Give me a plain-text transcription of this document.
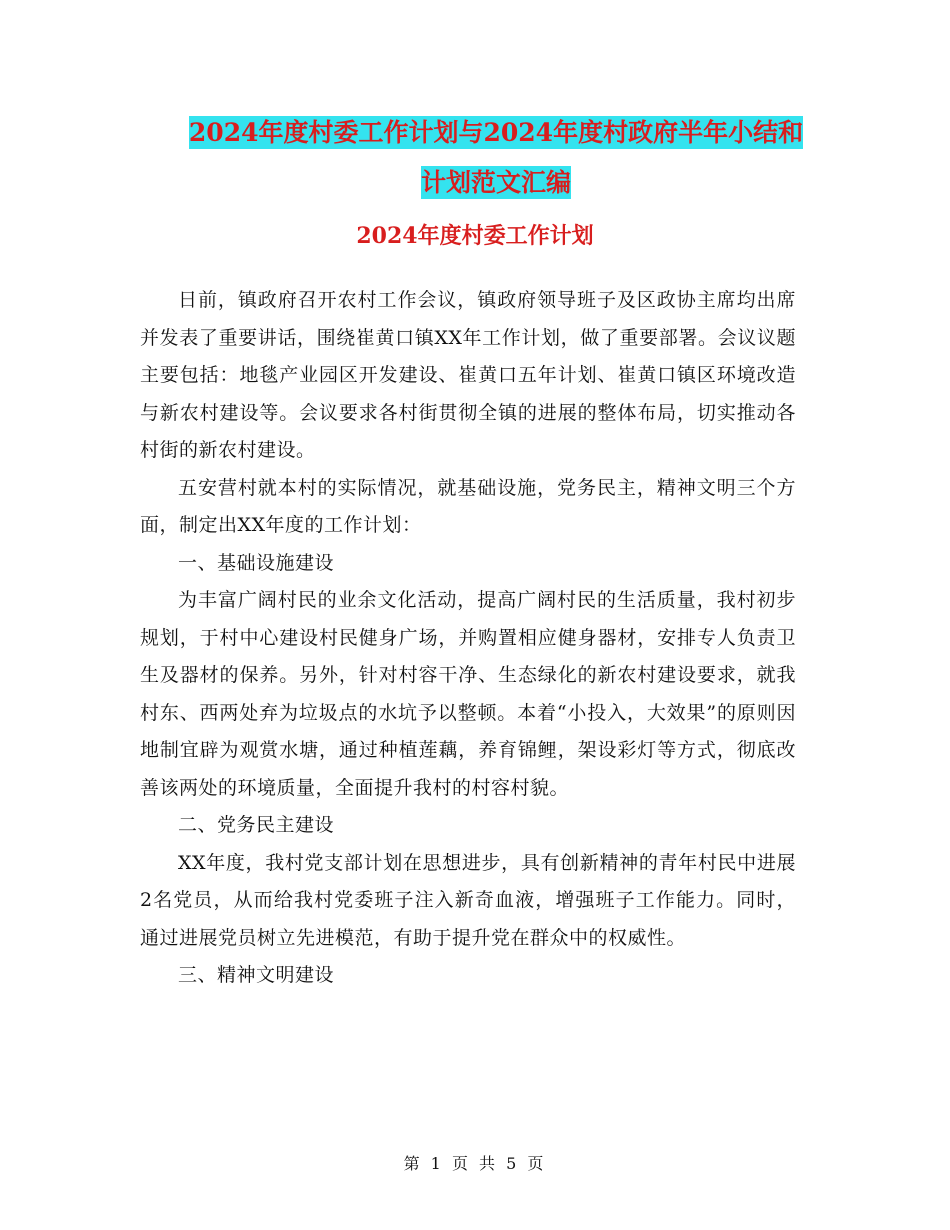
2024年度村委工作计划与2024年度村政府半年小结和
计划范文汇编
2024年度村委工作计划

日前，镇政府召开农村工作会议，镇政府领导班子及区政协主席均出席并发表了重要讲话，围绕崔黄口镇XX年工作计划，做了重要部署。会议议题主要包括：地毯产业园区开发建设、崔黄口五年计划、崔黄口镇区环境改造与新农村建设等。会议要求各村街贯彻全镇的进展的整体布局，切实推动各村街的新农村建设。

五安营村就本村的实际情况，就基础设施，党务民主，精神文明三个方面，制定出XX年度的工作计划：

一、基础设施建设

为丰富广阔村民的业余文化活动，提高广阔村民的生活质量，我村初步规划，于村中心建设村民健身广场，并购置相应健身器材，安排专人负责卫生及器材的保养。另外，针对村容干净、生态绿化的新农村建设要求，就我村东、西两处弃为垃圾点的水坑予以整顿。本着“小投入，大效果”的原则因地制宜辟为观赏水塘，通过种植莲藕，养育锦鲤，架设彩灯等方式，彻底改善该两处的环境质量，全面提升我村的村容村貌。

二、党务民主建设

XX年度，我村党支部计划在思想进步，具有创新精神的青年村民中进展2名党员，从而给我村党委班子注入新奇血液，增强班子工作能力。同时，通过进展党员树立先进模范，有助于提升党在群众中的权威性。

三、精神文明建设

第 1 页 共 5 页
